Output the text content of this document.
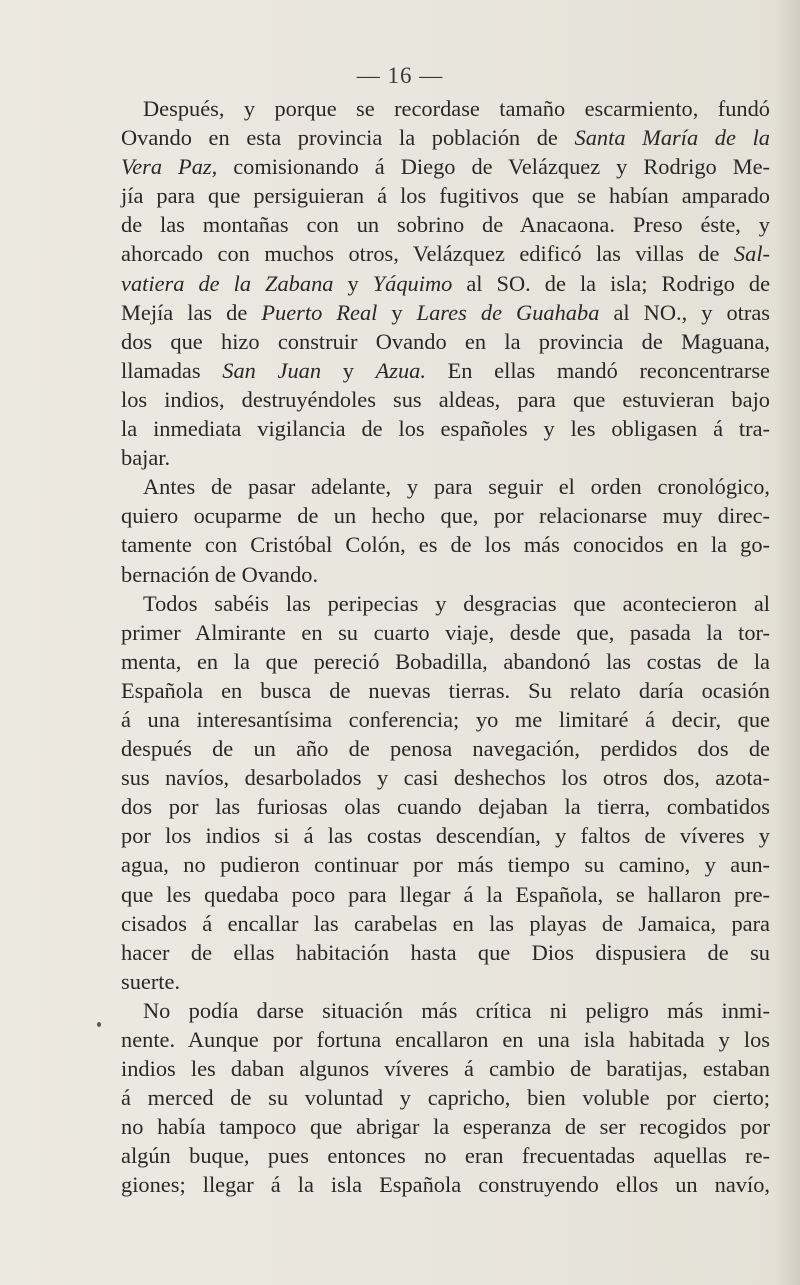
— 16 —
Después, y porque se recordase tamaño escarmiento, fundó
Ovando en esta provincia la población de Santa María de la
Vera Paz, comisionando á Diego de Velázquez y Rodrigo Me-
jía para que persiguieran á los fugitivos que se habían amparado
de las montañas con un sobrino de Anacaona. Preso éste, y
ahorcado con muchos otros, Velázquez edificó las villas de Sal-
vatiera de la Zabana y Yáquimo al SO. de la isla; Rodrigo de
Mejía las de Puerto Real y Lares de Guahaba al NO., y otras
dos que hizo construir Ovando en la provincia de Maguana,
llamadas San Juan y Azua. En ellas mandó reconcentrarse
los indios, destruyéndoles sus aldeas, para que estuvieran bajo
la inmediata vigilancia de los españoles y les obligasen á tra-
bajar.
Antes de pasar adelante, y para seguir el orden cronológico,
quiero ocuparme de un hecho que, por relacionarse muy direc-
tamente con Cristóbal Colón, es de los más conocidos en la go-
bernación de Ovando.
Todos sabéis las peripecias y desgracias que acontecieron al
primer Almirante en su cuarto viaje, desde que, pasada la tor-
menta, en la que pereció Bobadilla, abandonó las costas de la
Española en busca de nuevas tierras. Su relato daría ocasión
á una interesantísima conferencia; yo me limitaré á decir, que
después de un año de penosa navegación, perdidos dos de
sus navíos, desarbolados y casi deshechos los otros dos, azota-
dos por las furiosas olas cuando dejaban la tierra, combatidos
por los indios si á las costas descendían, y faltos de víveres y
agua, no pudieron continuar por más tiempo su camino, y aun-
que les quedaba poco para llegar á la Española, se hallaron pre-
cisados á encallar las carabelas en las playas de Jamaica, para
hacer de ellas habitación hasta que Dios dispusiera de su
suerte.
No podía darse situación más crítica ni peligro más inmi-
nente. Aunque por fortuna encallaron en una isla habitada y los
indios les daban algunos víveres á cambio de baratijas, estaban
á merced de su voluntad y capricho, bien voluble por cierto;
no había tampoco que abrigar la esperanza de ser recogidos por
algún buque, pues entonces no eran frecuentadas aquellas re-
giones; llegar á la isla Española construyendo ellos un navío,
